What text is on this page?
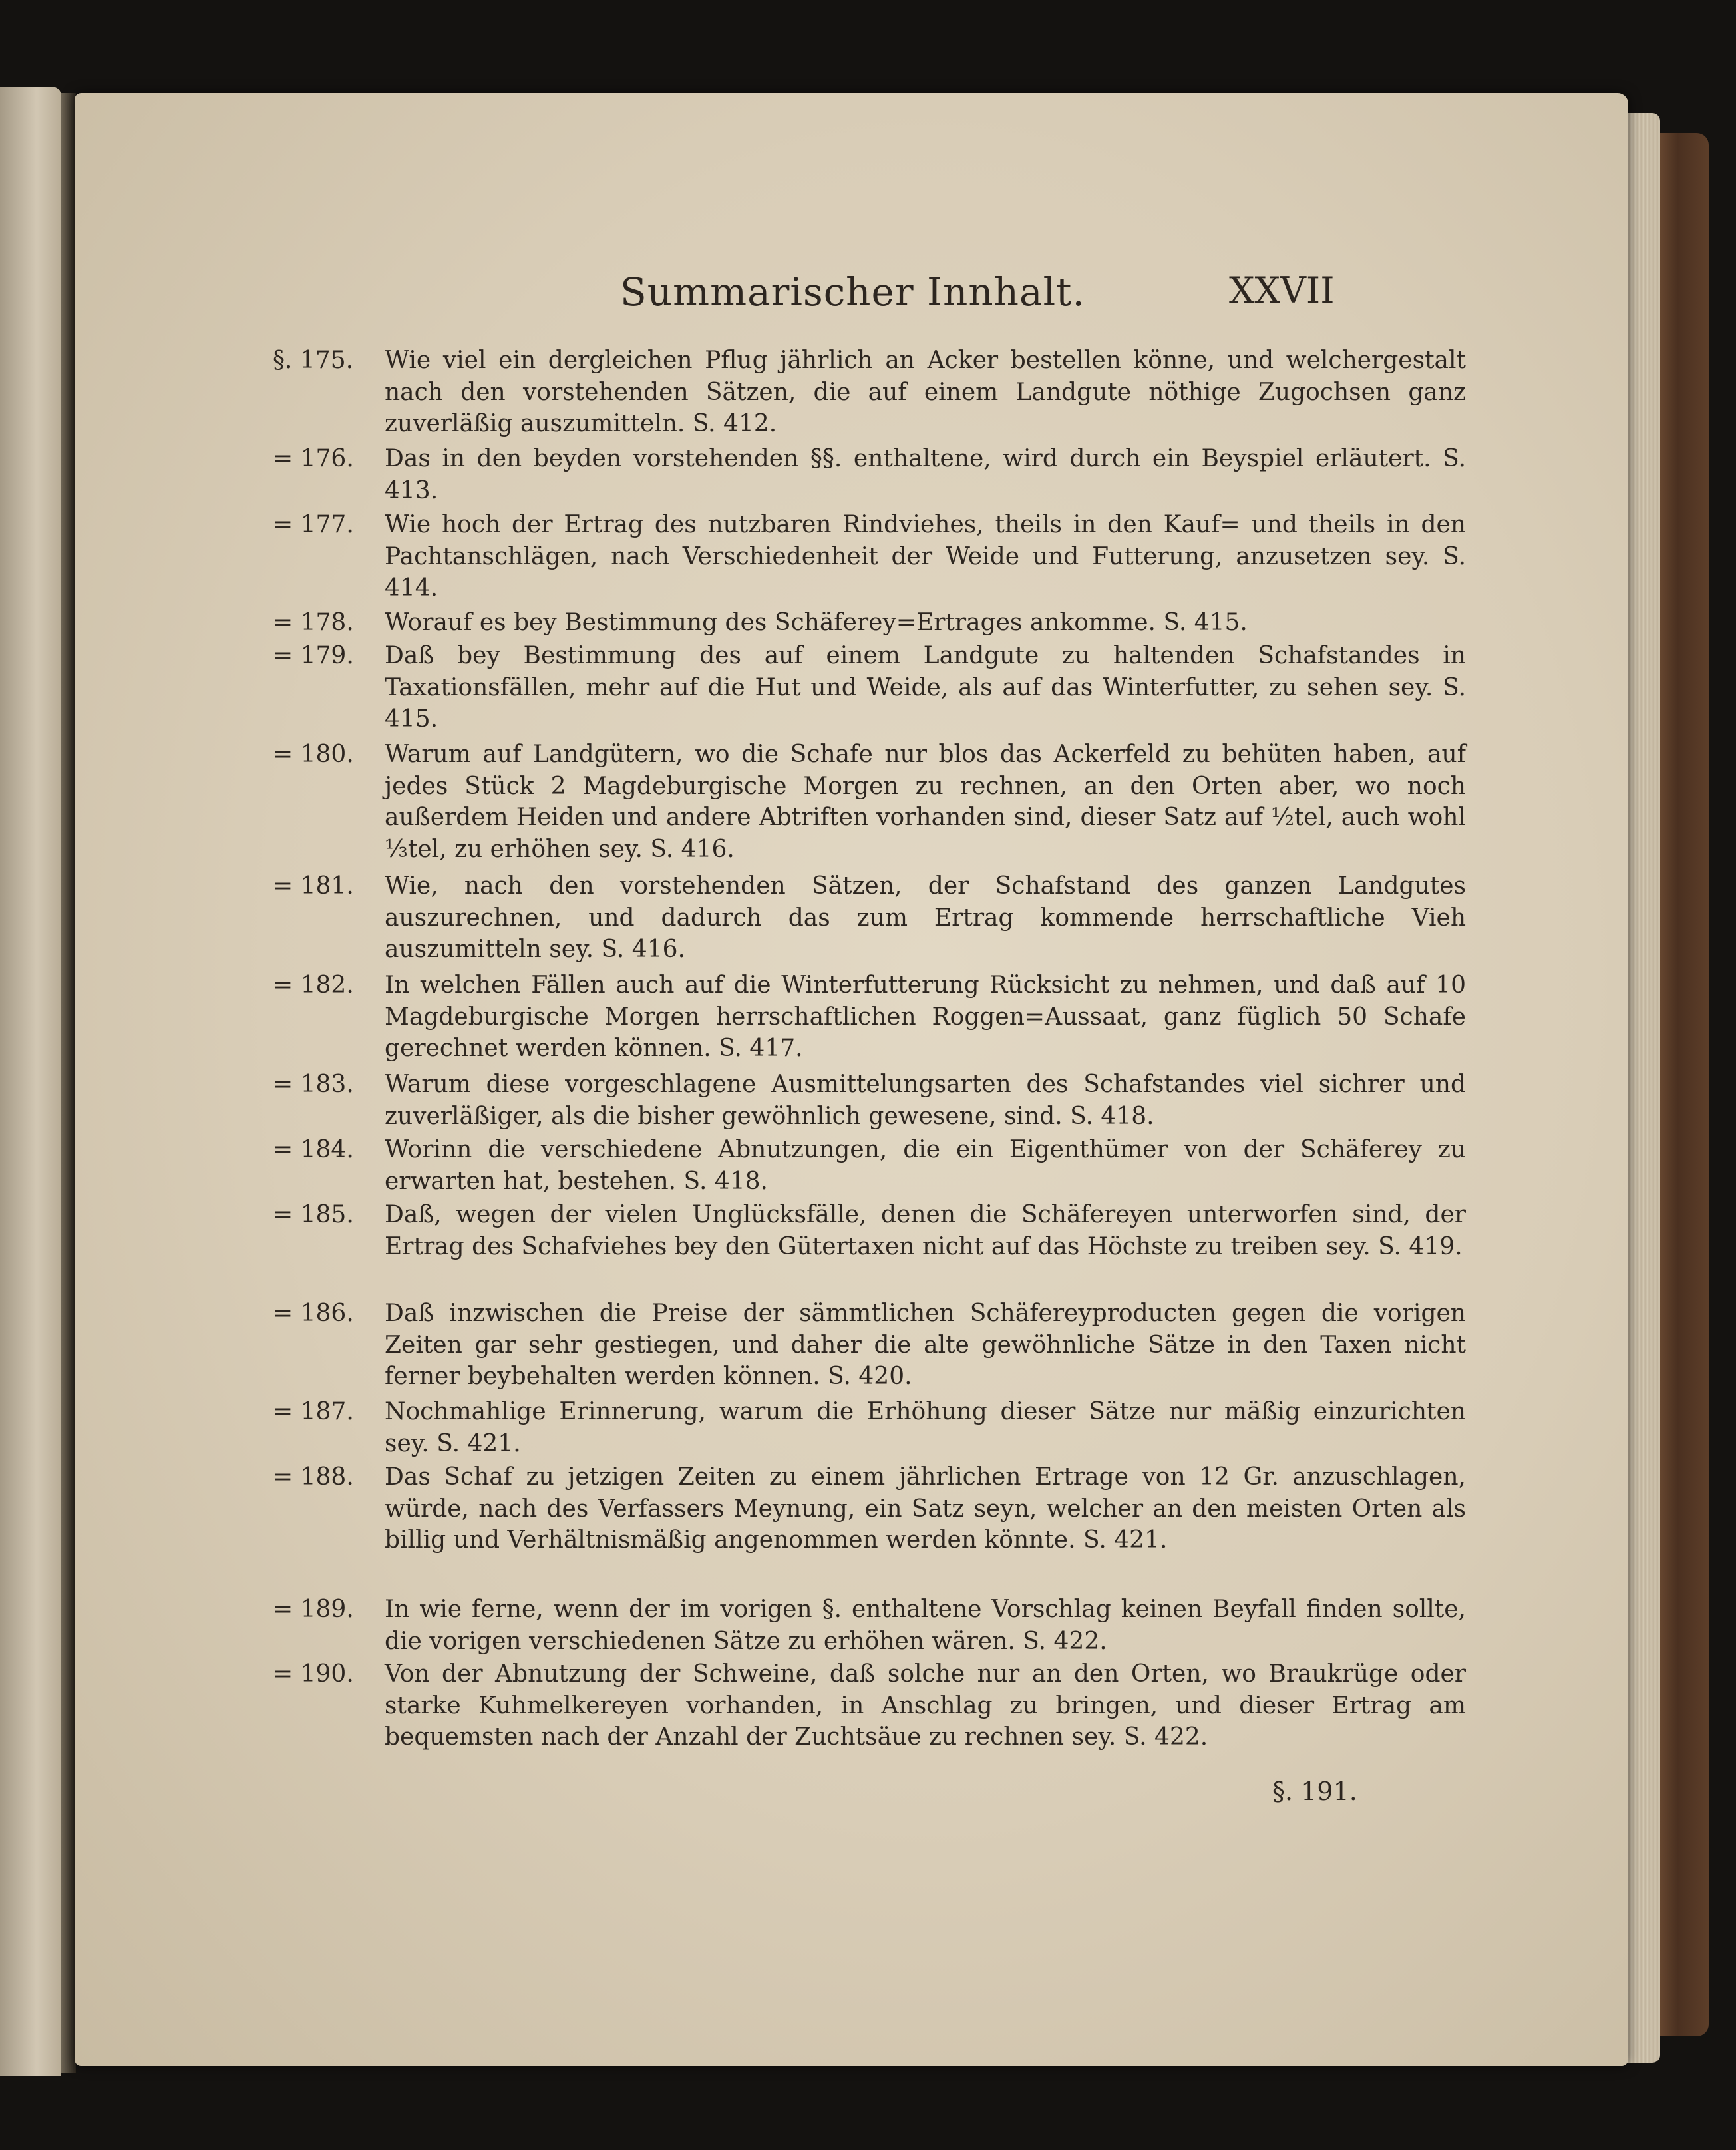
Summarischer Innhalt.	XXVII
§. 175.	Wie viel ein dergleichen Pflug jährlich an Acker bestellen könne, und welchergestalt nach den vorstehenden Sätzen, die auf einem Landgute nöthige Zugochsen ganz zuverläßig auszumitteln. S. 412.
= 176.	Das in den beyden vorstehenden §§. enthaltene, wird durch ein Beyspiel erläutert. S. 413.
= 177.	Wie hoch der Ertrag des nutzbaren Rindviehes, theils in den Kauf= und theils in den Pachtanschlägen, nach Verschiedenheit der Weide und Futterung, anzusetzen sey. S. 414.
= 178.	Worauf es bey Bestimmung des Schäferey=Ertrages ankomme. S. 415.
= 179.	Daß bey Bestimmung des auf einem Landgute zu haltenden Schafstandes in Taxationsfällen, mehr auf die Hut und Weide, als auf das Winterfutter, zu sehen sey. S. 415.
= 180.	Warum auf Landgütern, wo die Schafe nur blos das Ackerfeld zu behüten haben, auf jedes Stück 2 Magdeburgische Morgen zu rechnen, an den Orten aber, wo noch außerdem Heiden und andere Abtriften vorhanden sind, dieser Satz auf ½tel, auch wohl ⅓tel, zu erhöhen sey. S. 416.
= 181.	Wie, nach den vorstehenden Sätzen, der Schafstand des ganzen Landgutes auszurechnen, und dadurch das zum Ertrag kommende herrschaftliche Vieh auszumitteln sey. S. 416.
= 182.	In welchen Fällen auch auf die Winterfutterung Rücksicht zu nehmen, und daß auf 10 Magdeburgische Morgen herrschaftlichen Roggen=Aussaat, ganz füglich 50 Schafe gerechnet werden können. S. 417.
= 183.	Warum diese vorgeschlagene Ausmittelungsarten des Schafstandes viel sichrer und zuverläßiger, als die bisher gewöhnlich gewesene, sind. S. 418.
= 184.	Worinn die verschiedene Abnutzungen, die ein Eigenthümer von der Schäferey zu erwarten hat, bestehen. S. 418.
= 185.	Daß, wegen der vielen Unglücksfälle, denen die Schäfereyen unterworfen sind, der Ertrag des Schafviehes bey den Gütertaxen nicht auf das Höchste zu treiben sey. S. 419.
= 186.	Daß inzwischen die Preise der sämmtlichen Schäfereyproducten gegen die vorigen Zeiten gar sehr gestiegen, und daher die alte gewöhnliche Sätze in den Taxen nicht ferner beybehalten werden können. S. 420.
= 187.	Nochmahlige Erinnerung, warum die Erhöhung dieser Sätze nur mäßig einzurichten sey. S. 421.
= 188.	Das Schaf zu jetzigen Zeiten zu einem jährlichen Ertrage von 12 Gr. anzuschlagen, würde, nach des Verfassers Meynung, ein Satz seyn, welcher an den meisten Orten als billig und Verhältnismäßig angenommen werden könnte. S. 421.
= 189.	In wie ferne, wenn der im vorigen §. enthaltene Vorschlag keinen Beyfall finden sollte, die vorigen verschiedenen Sätze zu erhöhen wären. S. 422.
= 190.	Von der Abnutzung der Schweine, daß solche nur an den Orten, wo Braukrüge oder starke Kuhmelkereyen vorhanden, in Anschlag zu bringen, und dieser Ertrag am bequemsten nach der Anzahl der Zuchtsäue zu rechnen sey. S. 422.
§. 191.
